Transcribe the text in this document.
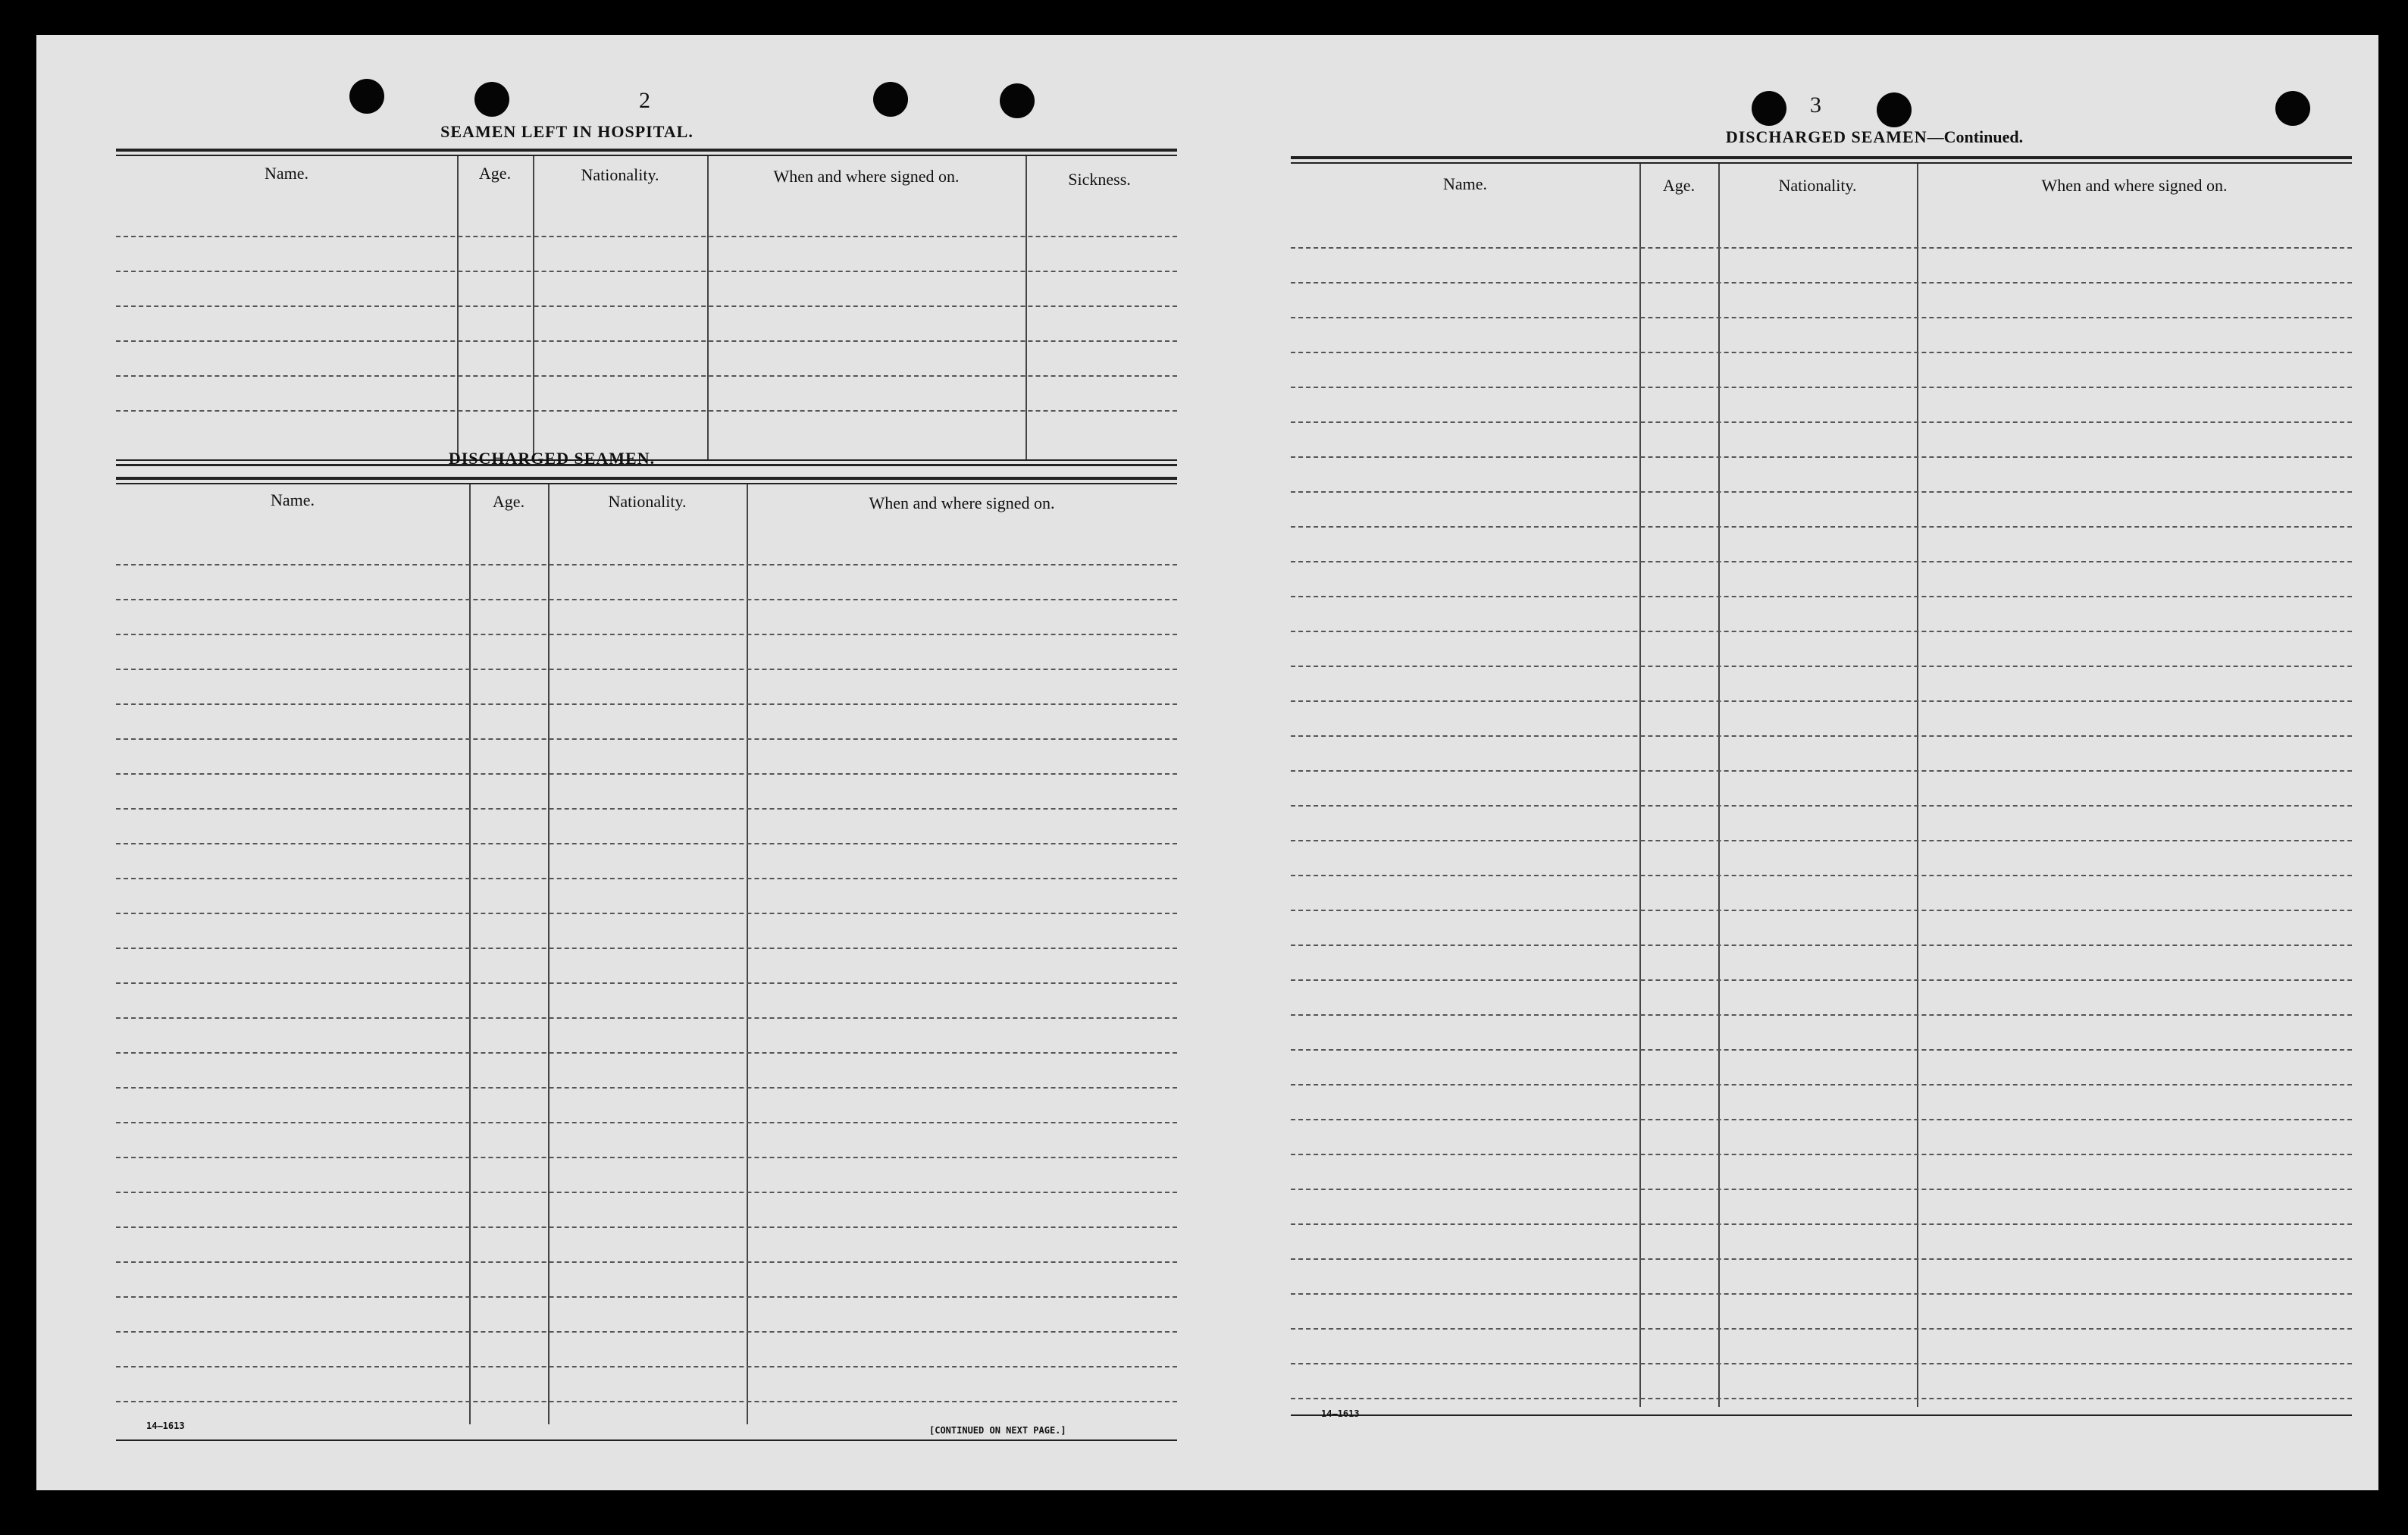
2
SEAMEN LEFT IN HOSPITAL.
Name.	Age.	Nationality.	When and where signed on.	Sickness.
DISCHARGED SEAMEN.
Name.	Age.	Nationality.	When and where signed on.
14—1613	[CONTINUED ON NEXT PAGE.]
3
DISCHARGED SEAMEN—Continued.
Name.	Age.	Nationality.	When and where signed on.
14—1613
